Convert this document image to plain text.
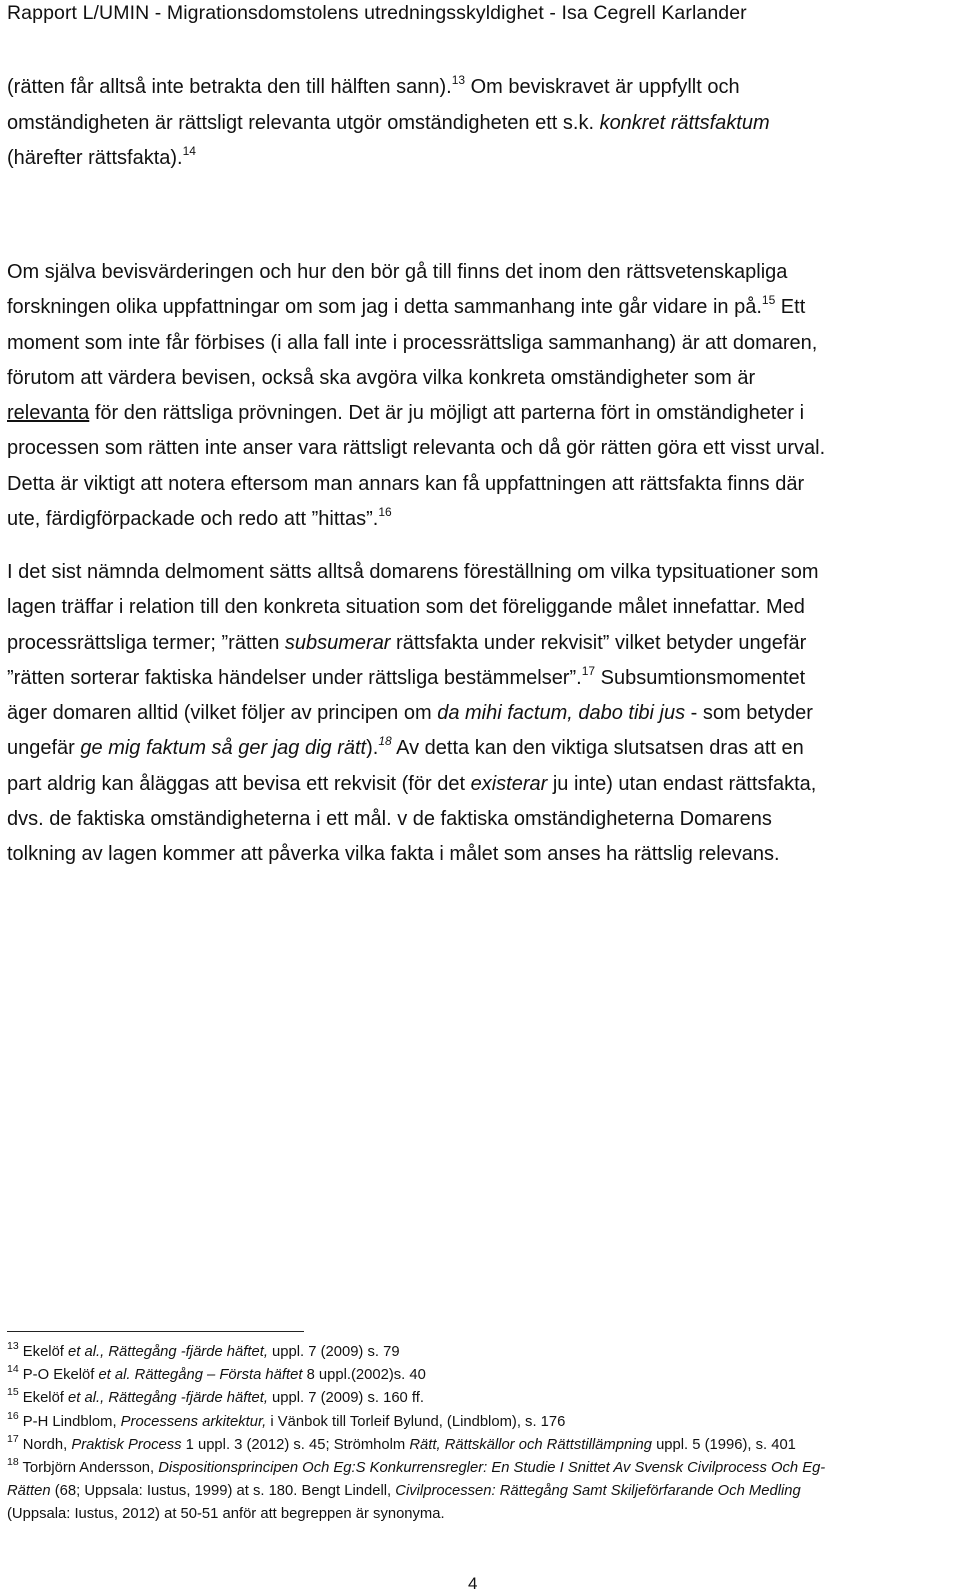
Rapport L/UMIN - Migrationsdomstolens utredningsskyldighet - Isa Cegrell Karlander
(rätten får alltså inte betrakta den till hälften sann).$^{13}$ Om beviskravet är uppfyllt och
omständigheten är rättsligt relevanta utgör omständigheten ett s.k. konkret rättsfaktum
(härefter rättsfakta).$^{14}$
Om själva bevisvärderingen och hur den bör gå till finns det inom den rättsvetenskapliga
forskningen olika uppfattningar om som jag i detta sammanhang inte går vidare in på.$^{15}$ Ett
moment som inte får förbises (i alla fall inte i processrättsliga sammanhang) är att domaren,
förutom att värdera bevisen, också ska avgöra vilka konkreta omständigheter som är
relevanta för den rättsliga prövningen. Det är ju möjligt att parterna fört in omständigheter i
processen som rätten inte anser vara rättsligt relevanta och då gör rätten göra ett visst urval.
Detta är viktigt att notera eftersom man annars kan få uppfattningen att rättsfakta finns där
ute, färdigförpackade och redo att ”hittas”.$^{16}$
I det sist nämnda delmoment sätts alltså domarens föreställning om vilka typsituationer som
lagen träffar i relation till den konkreta situation som det föreliggande målet innefattar. Med
processrättsliga termer; ”rätten subsumerar rättsfakta under rekvisit” vilket betyder ungefär
”rätten sorterar faktiska händelser under rättsliga bestämmelser”.$^{17}$ Subsumtionsmomentet
äger domaren alltid (vilket följer av principen om da mihi factum, dabo tibi jus - som betyder
ungefär ge mig faktum så ger jag dig rätt).$^{18}$ Av detta kan den viktiga slutsatsen dras att en
part aldrig kan åläggas att bevisa ett rekvisit (för det existerar ju inte) utan endast rättsfakta,
dvs. de faktiska omständigheterna i ett mål. v de faktiska omständigheterna Domarens
tolkning av lagen kommer att påverka vilka fakta i målet som anses ha rättslig relevans.
$^{13}$ Ekelöf et al., Rättegång -fjärde häftet, uppl. 7 (2009) s. 79
$^{14}$ P-O Ekelöf et al. Rättegång – Första häftet 8 uppl.(2002)s. 40
$^{15}$ Ekelöf et al., Rättegång -fjärde häftet, uppl. 7 (2009) s. 160 ff.
$^{16}$ P-H Lindblom, Processens arkitektur, i Vänbok till Torleif Bylund, (Lindblom), s. 176
$^{17}$ Nordh, Praktisk Process 1 uppl. 3 (2012) s. 45; Strömholm Rätt, Rättskällor och Rättstillämpning uppl. 5 (1996), s. 401
$^{18}$ Torbjörn Andersson, Dispositionsprincipen Och Eg:S Konkurrensregler: En Studie I Snittet Av Svensk Civilprocess Och Eg-
Rätten (68; Uppsala: Iustus, 1999) at s. 180. Bengt Lindell, Civilprocessen: Rättegång Samt Skiljeförfarande Och Medling
(Uppsala: Iustus, 2012) at 50-51 anför att begreppen är synonyma.
4
